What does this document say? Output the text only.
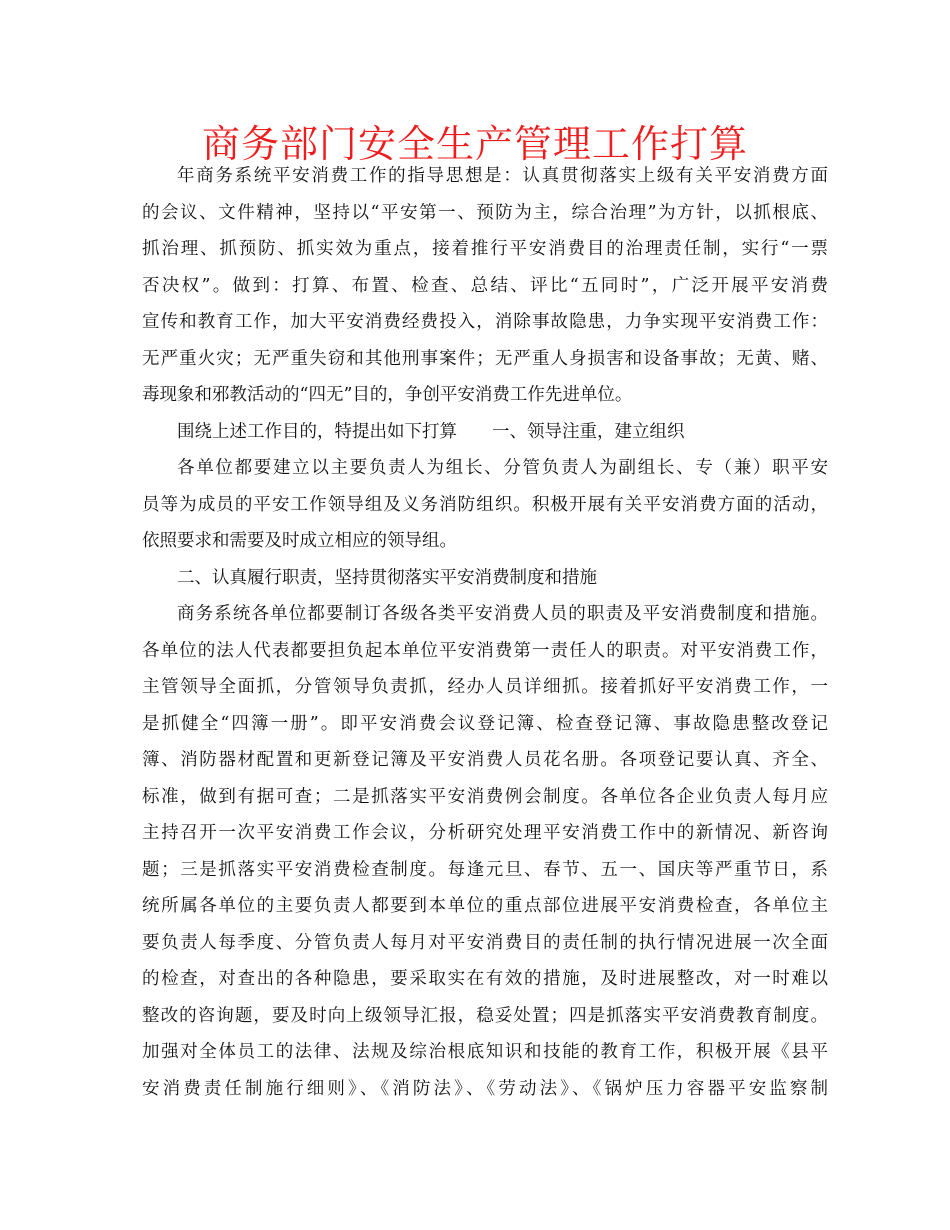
商务部门安全生产管理工作打算
年商务系统平安消费工作的指导思想是：认真贯彻落实上级有关平安消费方面
的会议、文件精神，坚持以“平安第一、预防为主，综合治理”为方针，以抓根底、
抓治理、抓预防、抓实效为重点，接着推行平安消费目的治理责任制，实行“一票
否决权”。做到：打算、布置、检查、总结、评比“五同时”，广泛开展平安消费
宣传和教育工作，加大平安消费经费投入，消除事故隐患，力争实现平安消费工作：
无严重火灾；无严重失窃和其他刑事案件；无严重人身损害和设备事故；无黄、赌、
毒现象和邪教活动的“四无”目的，争创平安消费工作先进单位。
围绕上述工作目的，特提出如下打算　　一、领导注重，建立组织
各单位都要建立以主要负责人为组长、分管负责人为副组长、专（兼）职平安
员等为成员的平安工作领导组及义务消防组织。积极开展有关平安消费方面的活动，
依照要求和需要及时成立相应的领导组。
二、认真履行职责，坚持贯彻落实平安消费制度和措施
商务系统各单位都要制订各级各类平安消费人员的职责及平安消费制度和措施。
各单位的法人代表都要担负起本单位平安消费第一责任人的职责。对平安消费工作，
主管领导全面抓，分管领导负责抓，经办人员详细抓。接着抓好平安消费工作，一
是抓健全“四簿一册”。即平安消费会议登记簿、检查登记簿、事故隐患整改登记
簿、消防器材配置和更新登记簿及平安消费人员花名册。各项登记要认真、齐全、
标准，做到有据可查；二是抓落实平安消费例会制度。各单位各企业负责人每月应
主持召开一次平安消费工作会议，分析研究处理平安消费工作中的新情况、新咨询
题；三是抓落实平安消费检查制度。每逢元旦、春节、五一、国庆等严重节日，系
统所属各单位的主要负责人都要到本单位的重点部位进展平安消费检查，各单位主
要负责人每季度、分管负责人每月对平安消费目的责任制的执行情况进展一次全面
的检查，对查出的各种隐患，要采取实在有效的措施，及时进展整改，对一时难以
整改的咨询题，要及时向上级领导汇报，稳妥处置；四是抓落实平安消费教育制度。
加强对全体员工的法律、法规及综治根底知识和技能的教育工作，积极开展《县平
安消费责任制施行细则》、《消防法》、《劳动法》、《锅炉压力容器平安监察制
